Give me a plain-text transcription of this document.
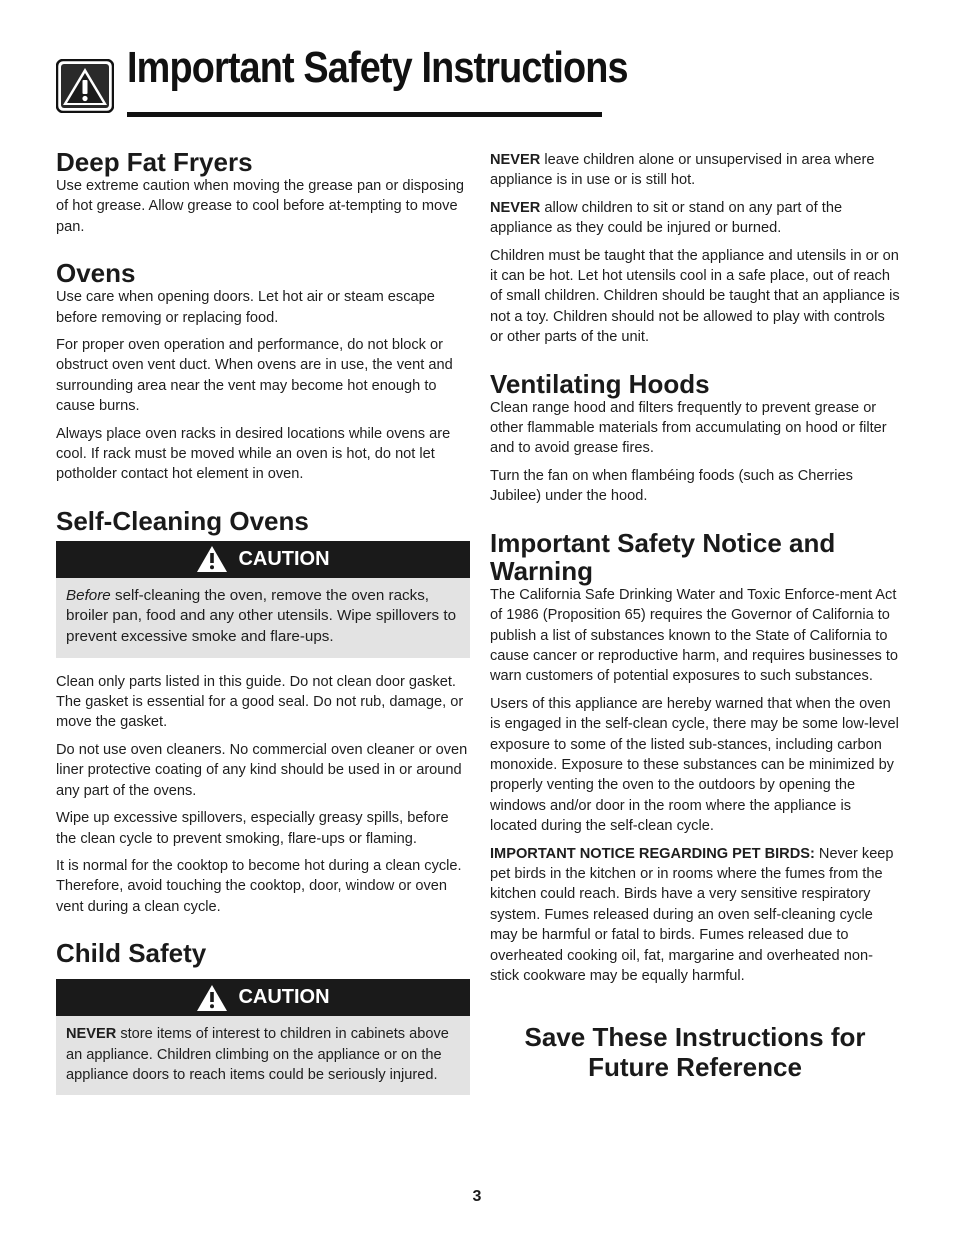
Important Safety Instructions
Deep Fat Fryers

Use extreme caution when moving the grease pan or disposing of hot grease. Allow grease to cool before at-tempting to move pan.

Ovens

Use care when opening doors. Let hot air or steam escape before removing or replacing food.

For proper oven operation and performance, do not block or obstruct oven vent duct. When ovens are in use, the vent and surrounding area near the vent may become hot enough to cause burns.

Always place oven racks in desired locations while ovens are cool. If rack must be moved while an oven is hot, do not let potholder contact hot element in oven.

Self-Cleaning Ovens
CAUTION

Before self-cleaning the oven, remove the oven racks, broiler pan, food and any other utensils. Wipe spillovers to prevent excessive smoke and flare-ups.

Clean only parts listed in this guide. Do not clean door gasket. The gasket is essential for a good seal. Do not rub, damage, or move the gasket.

Do not use oven cleaners. No commercial oven cleaner or oven liner protective coating of any kind should be used in or around any part of the ovens.

Wipe up excessive spillovers, especially greasy spills, before the clean cycle to prevent smoking, flare-ups or flaming.

It is normal for the cooktop to become hot during a clean cycle. Therefore, avoid touching the cooktop, door, window or oven vent during a clean cycle.

Child Safety
CAUTION

NEVER store items of interest to children in cabinets above an appliance. Children climbing on the appliance or on the appliance doors to reach items could be seriously injured.

NEVER leave children alone or unsupervised in area where appliance is in use or is still hot.

NEVER allow children to sit or stand on any part of the appliance as they could be injured or burned.

Children must be taught that the appliance and utensils in or on it can be hot. Let hot utensils cool in a safe place, out of reach of small children. Children should be taught that an appliance is not a toy. Children should not be allowed to play with controls or other parts of the unit.

Ventilating Hoods

Clean range hood and filters frequently to prevent grease or other flammable materials from accumulating on hood or filter and to avoid grease fires.

Turn the fan on when flambéing foods (such as Cherries Jubilee) under the hood.

Important Safety Notice and Warning

The California Safe Drinking Water and Toxic Enforce-ment Act of 1986 (Proposition 65) requires the Governor of California to publish a list of substances known to the State of California to cause cancer or reproductive harm, and requires businesses to warn customers of potential exposures to such substances.

Users of this appliance are hereby warned that when the oven is engaged in the self-clean cycle, there may be some low-level exposure to some of the listed sub-stances, including carbon monoxide. Exposure to these substances can be minimized by properly venting the oven to the outdoors by opening the windows and/or door in the room where the appliance is located during the self-clean cycle.

IMPORTANT NOTICE REGARDING PET BIRDS: Never keep pet birds in the kitchen or in rooms where the fumes from the kitchen could reach. Birds have a very sensitive respiratory system. Fumes released during an oven self-cleaning cycle may be harmful or fatal to birds. Fumes released due to overheated cooking oil, fat, margarine and overheated non-stick cookware may be equally harmful.

Save These Instructions for

Future Reference

3
